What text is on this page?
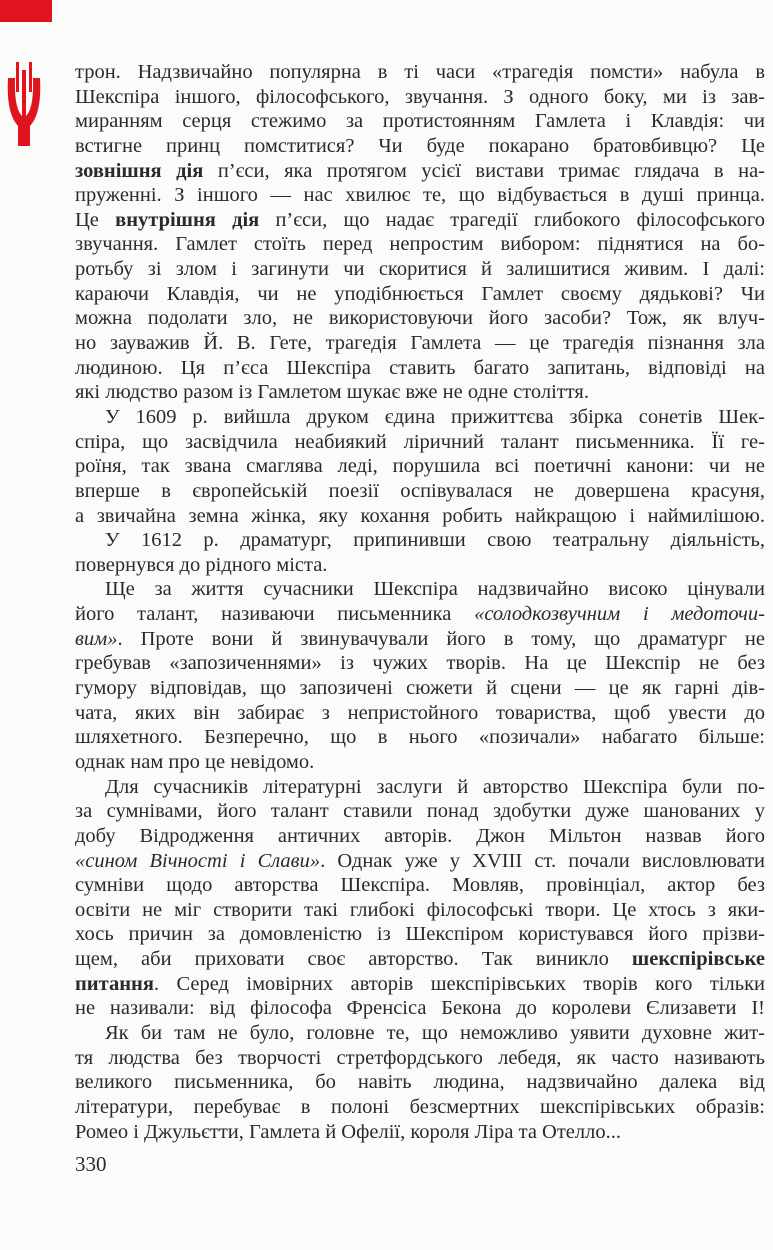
трон. Надзвичайно популярна в ті часи «трагедія помсти» набула в
Шекспіра іншого, філософського, звучання. З одного боку, ми із зав-
миранням серця стежимо за протистоянням Гамлета і Клавдія: чи
встигне принц помститися? Чи буде покарано братовбивцю? Це
зовнішня дія п’єси, яка протягом усієї вистави тримає глядача в на-
пруженні. З іншого — нас хвилює те, що відбувається в душі принца.
Це внутрішня дія п’єси, що надає трагедії глибокого філософського
звучання. Гамлет стоїть перед непростим вибором: піднятися на бо-
ротьбу зі злом і загинути чи скоритися й залишитися живим. І далі:
караючи Клавдія, чи не уподібнюється Гамлет своєму дядькові? Чи
можна подолати зло, не використовуючи його засоби? Тож, як влуч-
но зауважив Й. В. Гете, трагедія Гамлета — це трагедія пізнання зла
людиною. Ця п’єса Шекспіра ставить багато запитань, відповіді на
які людство разом із Гамлетом шукає вже не одне століття.
У 1609 р. вийшла друком єдина прижиттєва збірка сонетів Шек-
спіра, що засвідчила неабиякий ліричний талант письменника. Її ге-
роїня, так звана смаглява леді, порушила всі поетичні канони: чи не
вперше в європейській поезії оспівувалася не довершена красуня,
а звичайна земна жінка, яку кохання робить найкращою і наймилішою.
У 1612 р. драматург, припинивши свою театральну діяльність,
повернувся до рідного міста.
Ще за життя сучасники Шекспіра надзвичайно високо цінували
його талант, називаючи письменника «солодкозвучним і медоточи-
вим». Проте вони й звинувачували його в тому, що драматург не
гребував «запозиченнями» із чужих творів. На це Шекспір не без
гумору відповідав, що запозичені сюжети й сцени — це як гарні дів-
чата, яких він забирає з непристойного товариства, щоб увести до
шляхетного. Безперечно, що в нього «позичали» набагато більше:
однак нам про це невідомо.
Для сучасників літературні заслуги й авторство Шекспіра були по-
за сумнівами, його талант ставили понад здобутки дуже шанованих у
добу Відродження античних авторів. Джон Мільтон назвав його
«сином Вічності і Слави». Однак уже у XVIII ст. почали висловлювати
сумніви щодо авторства Шекспіра. Мовляв, провінціал, актор без
освіти не міг створити такі глибокі філософські твори. Це хтось з яки-
хось причин за домовленістю із Шекспіром користувався його прізви-
щем, аби приховати своє авторство. Так виникло шекспірівське
питання. Серед імовірних авторів шекспірівських творів кого тільки
не називали: від філософа Френсіса Бекона до королеви Єлизавети I!
Як би там не було, головне те, що неможливо уявити духовне жит-
тя людства без творчості стретфордського лебедя, як часто називають
великого письменника, бо навіть людина, надзвичайно далека від
літератури, перебуває в полоні безсмертних шекспірівських образів:
Ромео і Джульєтти, Гамлета й Офелії, короля Ліра та Отелло...
330
